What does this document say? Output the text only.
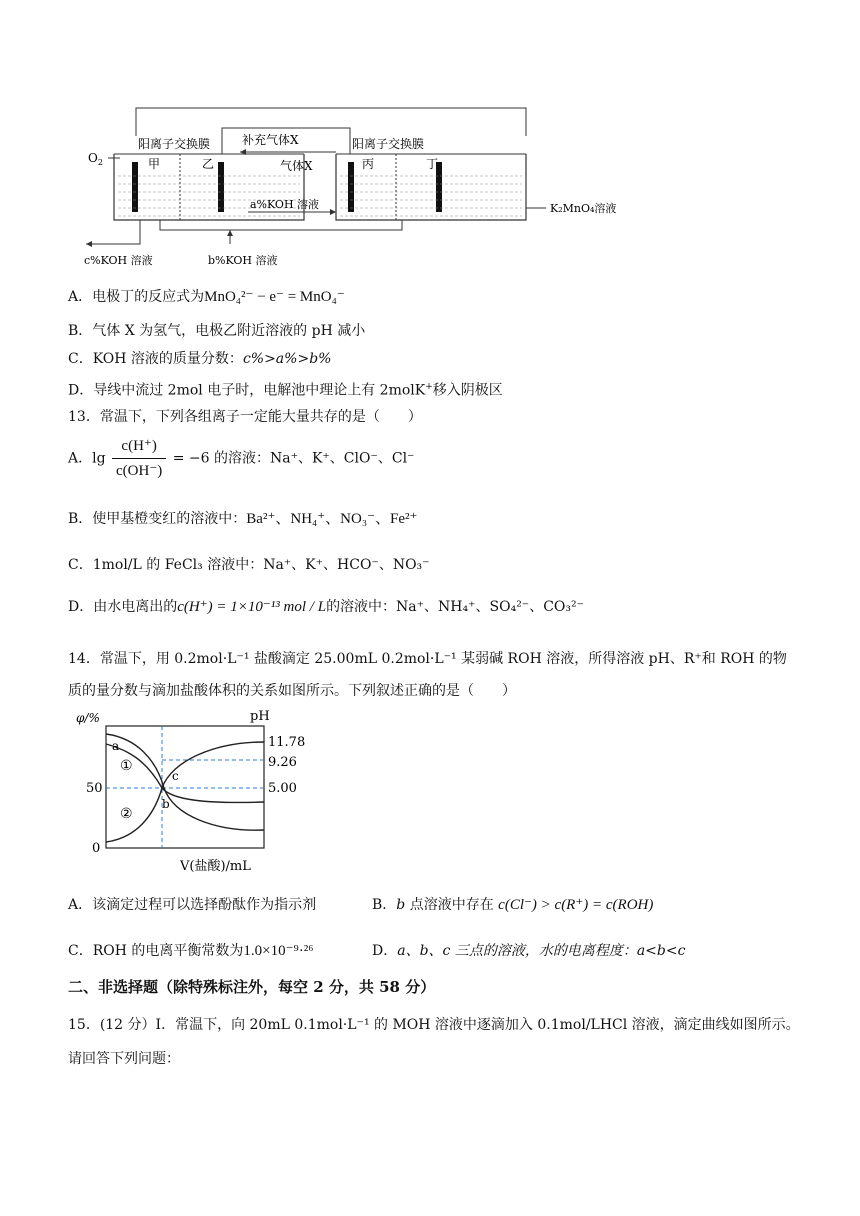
$O_2$
阳离子交换膜	阳离子交换膜
补充气体X
气体X
甲	乙	丙	丁
a%KOH 溶液	K₂MnO₄溶液
c%KOH 溶液	b%KOH 溶液
A．电极丁的反应式为MnO₄²⁻ − e⁻ = MnO₄⁻
B．气体 X 为氢气，电极乙附近溶液的 pH 减小
C．KOH 溶液的质量分数：c%>a%>b%
D．导线中流过 2mol 电子时，电解池中理论上有 2molK+移入阴极区
13．常温下，下列各组离子一定能大量共存的是（　　）
A．$\lg \frac{c(H^+)}{c(OH^-)} = -6$ 的溶液：Na⁺、K⁺、ClO⁻、Cl⁻
B．使甲基橙变红的溶液中：Ba²⁺、NH₄⁺、NO₃⁻、Fe²⁺
C．1mol/L 的 FeCl₃ 溶液中：Na⁺、K⁺、HCO⁻、NO₃⁻
D．由水电离出的c(H⁺) = 1×10⁻¹³ mol / L的溶液中：Na⁺、NH₄⁺、SO₄²⁻、CO₃²⁻
14．常温下，用 0.2mol·L⁻¹ 盐酸滴定 25.00mL 0.2mol·L⁻¹ 某弱碱 ROH 溶液，所得溶液 pH、R⁺和 ROH 的物
质的量分数与滴加盐酸体积的关系如图所示。下列叙述正确的是（　　）
φ/%	pH
50
0
11.78
9.26
5.00
a
b
c
①
②
V(盐酸)/mL
A．该滴定过程可以选择酚酞作为指示剂	B．b 点溶液中存在 c(Cl⁻) > c(R⁺) = c(ROH)
C．ROH 的电离平衡常数为1.0×10⁻⁹·²⁶	D．a、b、c 三点的溶液，水的电离程度：a<b<c
二、非选择题（除特殊标注外，每空 2 分，共 58 分）
15．(12 分）I．常温下，向 20mL 0.1mol·L⁻¹ 的 MOH 溶液中逐滴加入 0.1mol/LHCl 溶液，滴定曲线如图所示。
请回答下列问题：
